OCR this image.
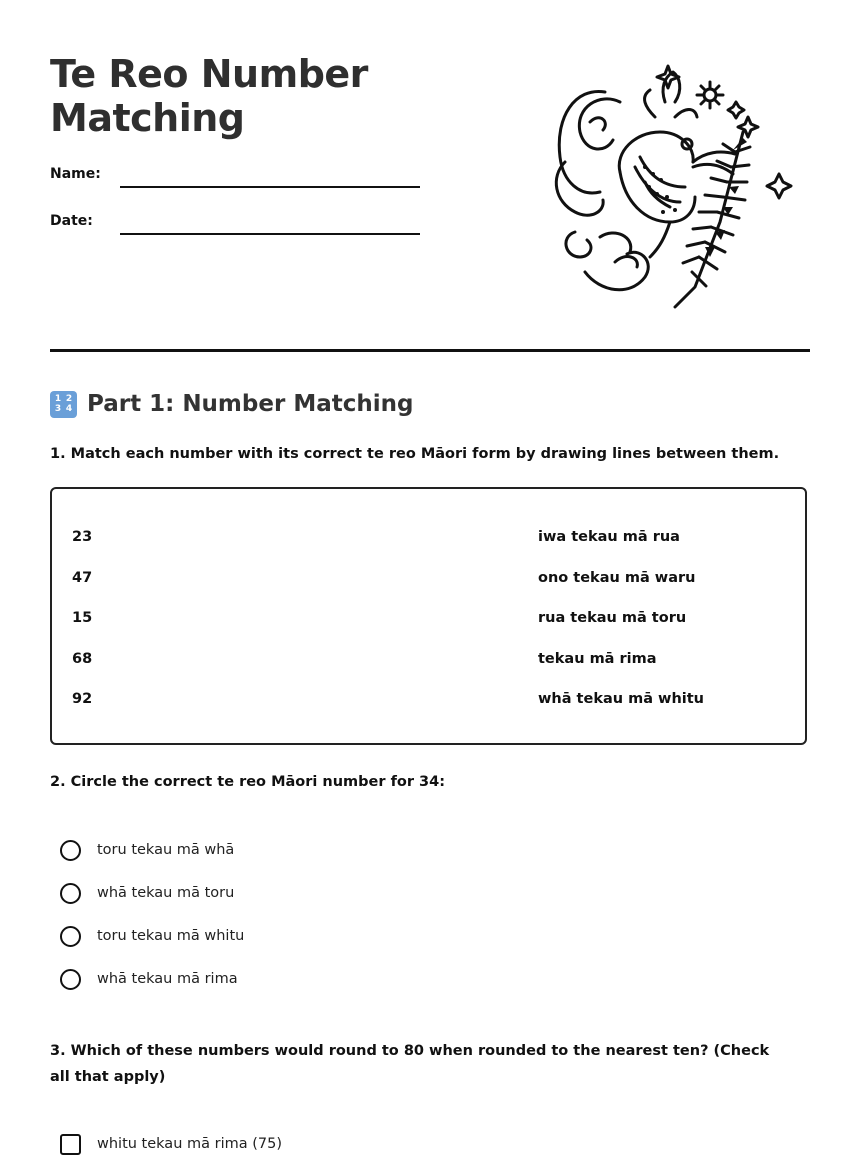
Te Reo Number Matching
Name:
Date:
1 2
3 4 Part 1: Number Matching
1. Match each number with its correct te reo Māori form by drawing lines between them.
23
47
15
68
92
iwa tekau mā rua
ono tekau mā waru
rua tekau mā toru
tekau mā rima
whā tekau mā whitu
2. Circle the correct te reo Māori number for 34:
toru tekau mā whā
whā tekau mā toru
toru tekau mā whitu
whā tekau mā rima
3. Which of these numbers would round to 80 when rounded to the nearest ten? (Check all that apply)
whitu tekau mā rima (75)
